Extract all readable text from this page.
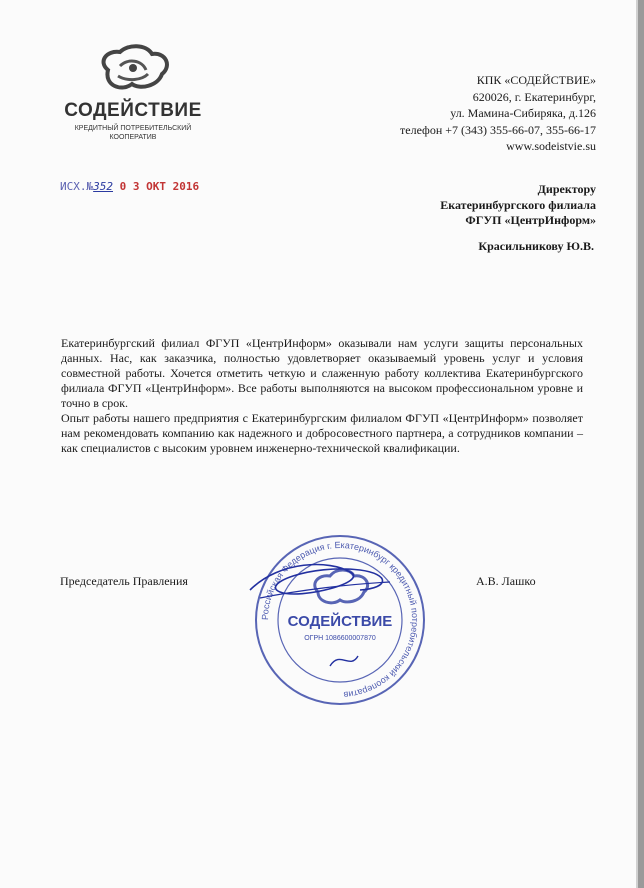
СОДЕЙСТВИЕ
КРЕДИТНЫЙ ПОТРЕБИТЕЛЬСКИЙ
КООПЕРАТИВ
КПК «СОДЕЙСТВИЕ»
620026, г. Екатеринбург,
ул. Мамина-Сибиряка, д.126
телефон +7 (343) 355-66-07, 355-66-17
www.sodeistvie.su
ИСХ.№352 0 3 ОКТ 2016	Директору
Екатеринбургского филиала
ФГУП «ЦентрИнформ»
Красильникову Ю.В.

Екатеринбургский филиал ФГУП «ЦентрИнформ» оказывали нам услуги защиты персональных данных. Нас, как заказчика, полностью удовлетворяет оказываемый уровень услуг и условия совместной работы. Хочется отметить четкую и слаженную работу коллектива Екатеринбургского филиала ФГУП «ЦентрИнформ». Все работы выполняются на высоком профессиональном уровне и точно в срок.

Опыт работы нашего предприятия с Екатеринбургским филиалом ФГУП «ЦентрИнформ» позволяет нам рекомендовать компанию как надежного и добросовестного партнера, а сотрудников компании – как специалистов с высоким уровнем инженерно-технической квалификации.

Председатель Правления	А.В. Лашко
Российская Федерация г. Екатеринбург кредитный потребительский кооператив
СОДЕЙСТВИЕ
ОГРН 1086600007870
